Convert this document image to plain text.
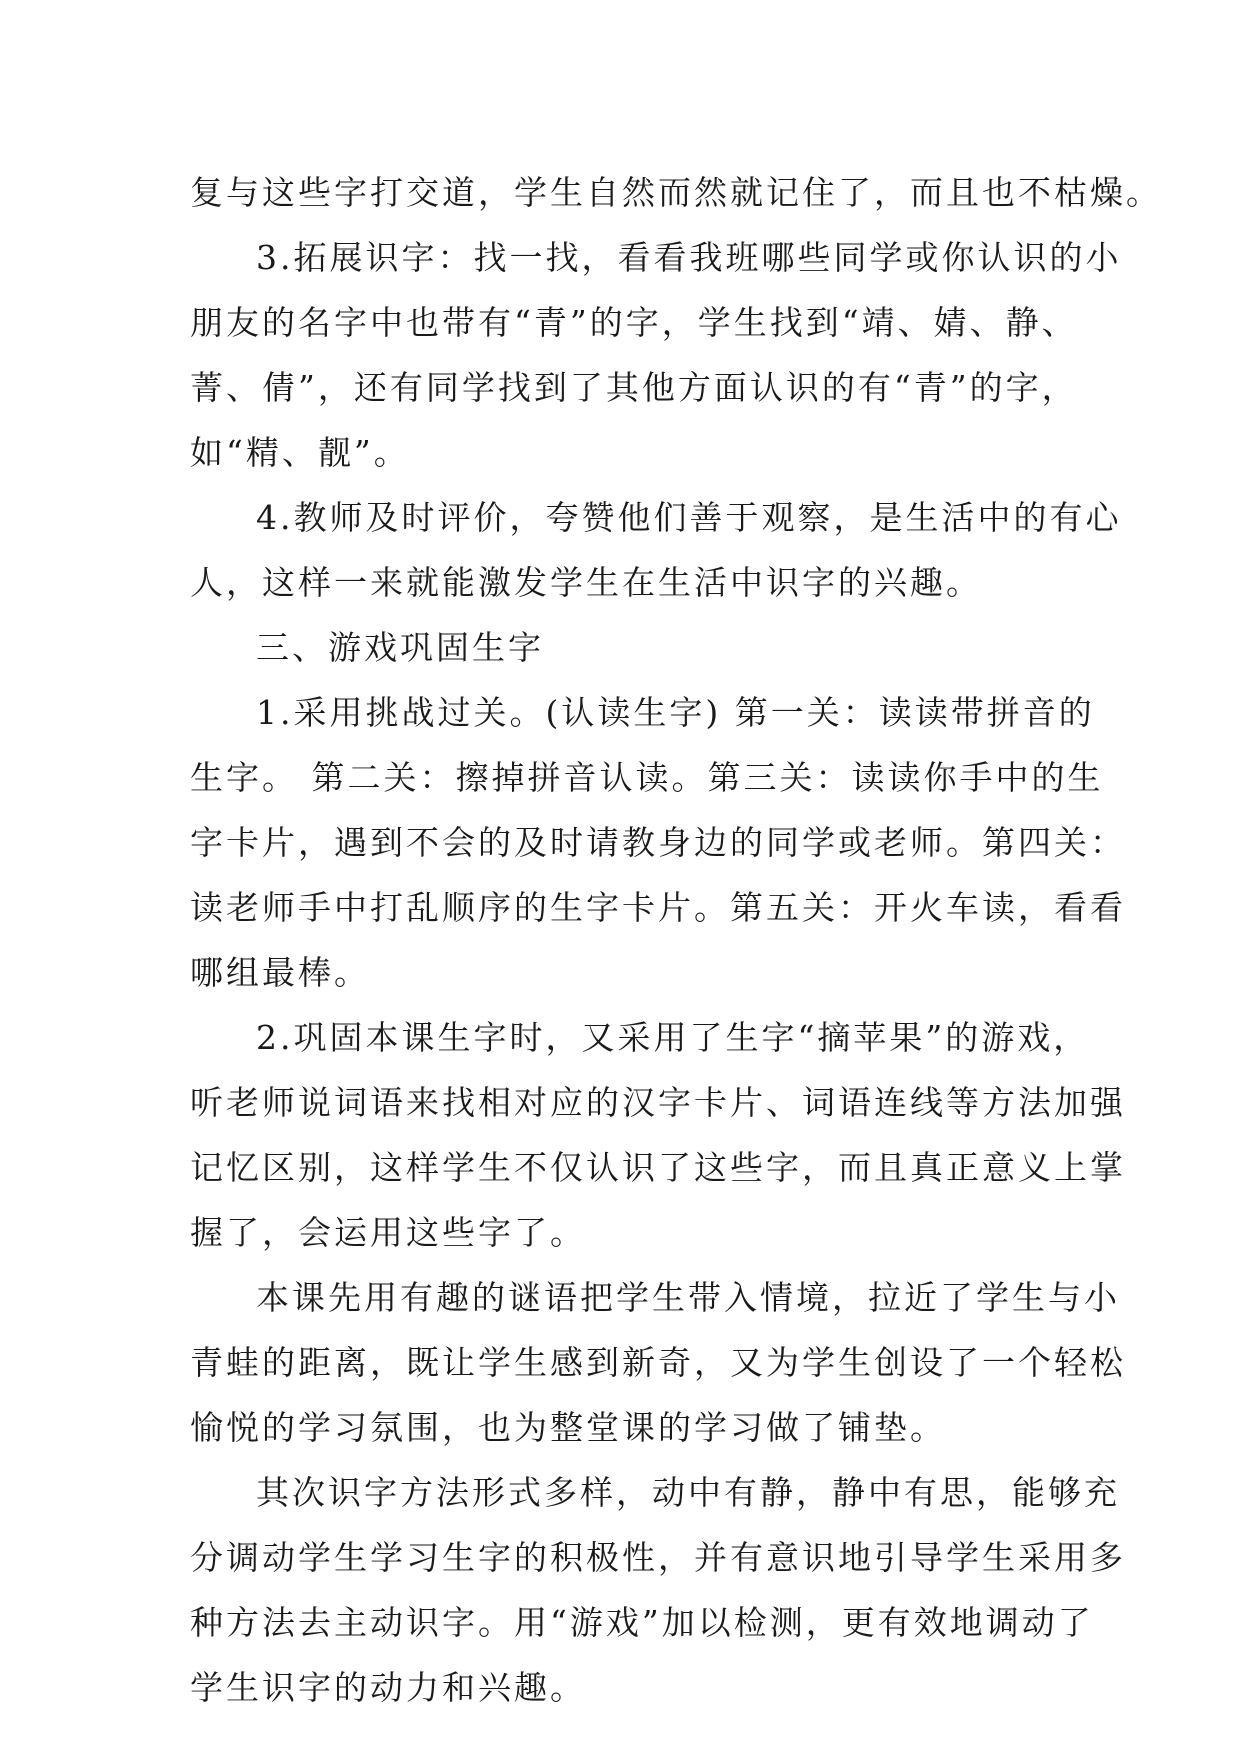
复与这些字打交道，学生自然而然就记住了，而且也不枯燥。
3.拓展识字：找一找，看看我班哪些同学或你认识的小
朋友的名字中也带有“青”的字，学生找到“靖、婧、静、
菁、倩”，还有同学找到了其他方面认识的有“青”的字，
如“精、靓”。
4.教师及时评价，夸赞他们善于观察，是生活中的有心
人，这样一来就能激发学生在生活中识字的兴趣。
三、游戏巩固生字
1.采用挑战过关。(认读生字) 第一关：读读带拼音的
生字。 第二关：擦掉拼音认读。第三关：读读你手中的生
字卡片，遇到不会的及时请教身边的同学或老师。第四关：
读老师手中打乱顺序的生字卡片。第五关：开火车读，看看
哪组最棒。
2.巩固本课生字时，又采用了生字“摘苹果”的游戏，
听老师说词语来找相对应的汉字卡片、词语连线等方法加强
记忆区别，这样学生不仅认识了这些字，而且真正意义上掌
握了，会运用这些字了。
本课先用有趣的谜语把学生带入情境，拉近了学生与小
青蛙的距离，既让学生感到新奇，又为学生创设了一个轻松
愉悦的学习氛围，也为整堂课的学习做了铺垫。
其次识字方法形式多样，动中有静，静中有思，能够充
分调动学生学习生字的积极性，并有意识地引导学生采用多
种方法去主动识字。用“游戏”加以检测，更有效地调动了
学生识字的动力和兴趣。
